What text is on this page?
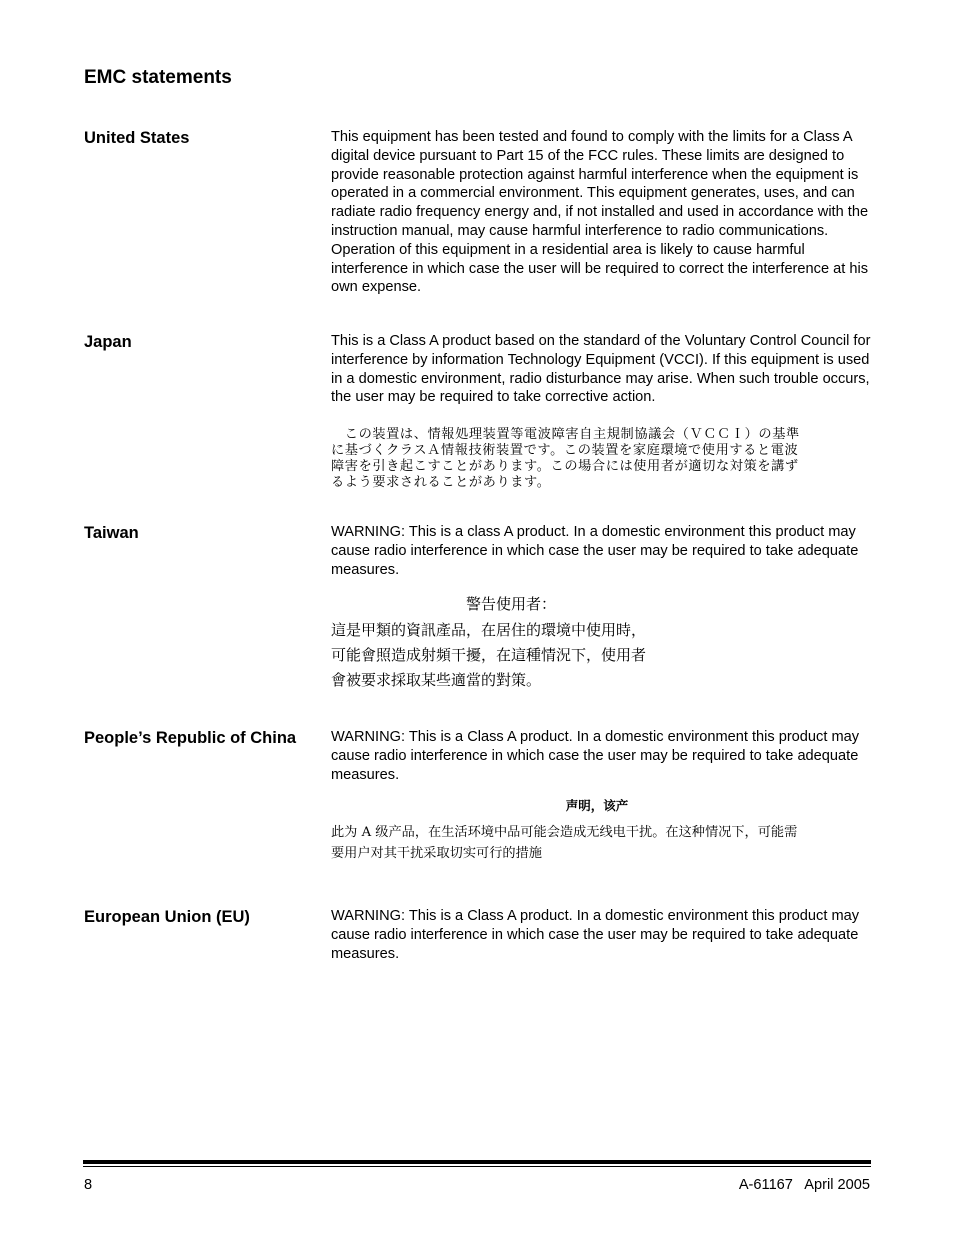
EMC statements
United States	This equipment has been tested and found to comply with the limits for a Class A digital device pursuant to Part 15 of the FCC rules. These limits are designed to provide reasonable protection against harmful interference when the equipment is operated in a commercial environment. This equipment generates, uses, and can radiate radio frequency energy and, if not installed and used in accordance with the instruction manual, may cause harmful interference to radio communications. Operation of this equipment in a residential area is likely to cause harmful interference in which case the user will be required to correct the interference at his own expense.

Japan	This is a Class A product based on the standard of the Voluntary Control Council for interference by information Technology Equipment (VCCI). If this equipment is used in a domestic environment, radio disturbance may arise. When such trouble occurs, the user may be required to take corrective action.

　この装置は、情報処理装置等電波障害自主規制協議会（ＶＣＣＩ）の基準
に基づくクラスＡ情報技術装置です。この装置を家庭環境で使用すると電波
障害を引き起こすことがあります。この場合には使用者が適切な対策を講ず
るよう要求されることがあります。
Taiwan	WARNING: This is a class A product. In a domestic environment this product may cause radio interference in which case the user may be required to take adequate measures.

警告使用者：
這是甲類的資訊產品，在居住的環境中使用時，
可能會照造成射頻干擾，在這種情況下，使用者
會被要求採取某些適當的對策。
People’s Republic of China	WARNING: This is a Class A product. In a domestic environment this product may cause radio interference in which case the user may be required to take adequate measures.

声明，该产
此为 A 级产品，在生活环境中品可能会造成无线电干扰。在这种情况下，可能需
要用户对其干扰采取切实可行的措施
European Union (EU)	WARNING: This is a Class A product. In a domestic environment this product may cause radio interference in which case the user may be required to take adequate measures.

8	A-61167   April 2005
